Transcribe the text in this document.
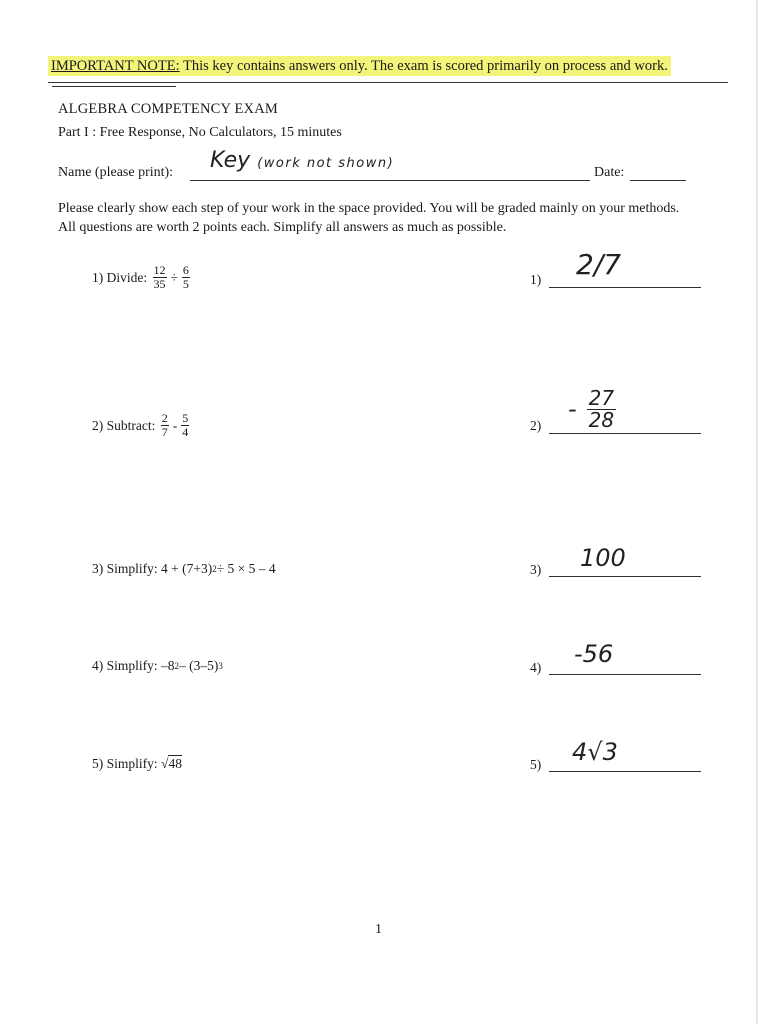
IMPORTANT NOTE: This key contains answers only. The exam is scored primarily on process and work.
ALGEBRA COMPETENCY EXAM
Part I : Free Response, No Calculators, 15 minutes
Name (please print): Key (work not shown)
Date:
Please clearly show each step of your work in the space provided. You will be graded mainly on your methods. All questions are worth 2 points each. Simplify all answers as much as possible.
1)
Divide:
$\frac{12}{35} \div \frac{6}{5}$	1) 2/7
2)
Subtract:
$\frac{2}{7} - \frac{5}{4}$	2)
- $\frac{27}{28}$
3)
Simplify:
4 + (7+3) 2 ÷ 5 × 5 – 4	3) 100
4)
Simplify:
–8 2 – (3–5) 3	4) -56
5)
Simplify:
√ 48	5) 4√3
1
